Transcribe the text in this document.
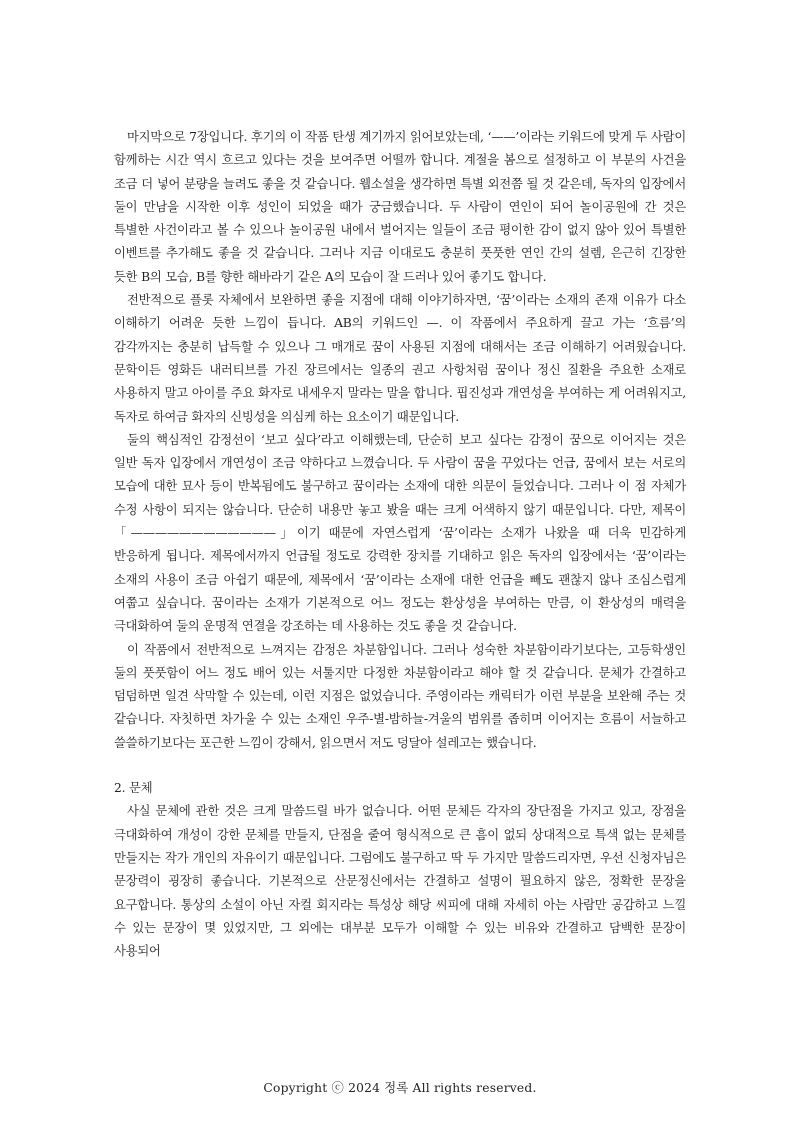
마지막으로 7장입니다. 후기의 이 작품 탄생 계기까지 읽어보았는데, ‘——’이라는 키워드에 맞게 두 사람이 함께하는 시간 역시 흐르고 있다는 것을 보여주면 어떨까 합니다. 계절을 봄으로 설정하고 이 부분의 사건을 조금 더 넣어 분량을 늘려도 좋을 것 같습니다. 웹소설을 생각하면 특별 외전쯤 될 것 같은데, 독자의 입장에서 둘이 만남을 시작한 이후 성인이 되었을 때가 궁금했습니다. 두 사람이 연인이 되어 놀이공원에 간 것은 특별한 사건이라고 볼 수 있으나 놀이공원 내에서 벌어지는 일들이 조금 평이한 감이 없지 않아 있어 특별한 이벤트를 추가해도 좋을 것 같습니다. 그러나 지금 이대로도 충분히 풋풋한 연인 간의 설렘, 은근히 긴장한 듯한 B의 모습, B를 향한 해바라기 같은 A의 모습이 잘 드러나 있어 좋기도 합니다.

전반적으로 플롯 자체에서 보완하면 좋을 지점에 대해 이야기하자면, ‘꿈’이라는 소재의 존재 이유가 다소 이해하기 어려운 듯한 느낌이 듭니다. AB의 키워드인 —. 이 작품에서 주요하게 끌고 가는 ‘흐름’의 감각까지는 충분히 납득할 수 있으나 그 매개로 꿈이 사용된 지점에 대해서는 조금 이해하기 어려웠습니다. 문학이든 영화든 내러티브를 가진 장르에서는 일종의 권고 사항처럼 꿈이나 정신 질환을 주요한 소재로 사용하지 말고 아이를 주요 화자로 내세우지 말라는 말을 합니다. 핍진성과 개연성을 부여하는 게 어려워지고, 독자로 하여금 화자의 신빙성을 의심케 하는 요소이기 때문입니다.

둘의 핵심적인 감정선이 ‘보고 싶다’라고 이해했는데, 단순히 보고 싶다는 감정이 꿈으로 이어지는 것은 일반 독자 입장에서 개연성이 조금 약하다고 느꼈습니다. 두 사람이 꿈을 꾸었다는 언급, 꿈에서 보는 서로의 모습에 대한 묘사 등이 반복됨에도 불구하고 꿈이라는 소재에 대한 의문이 들었습니다. 그러나 이 점 자체가 수정 사항이 되지는 않습니다. 단순히 내용만 놓고 봤을 때는 크게 어색하지 않기 때문입니다. 다만, 제목이 「————————————」이기 때문에 자연스럽게 ‘꿈’이라는 소재가 나왔을 때 더욱 민감하게 반응하게 됩니다. 제목에서까지 언급될 정도로 강력한 장치를 기대하고 읽은 독자의 입장에서는 ‘꿈’이라는 소재의 사용이 조금 아쉽기 때문에, 제목에서 ‘꿈’이라는 소재에 대한 언급을 빼도 괜찮지 않나 조심스럽게 여쭙고 싶습니다. 꿈이라는 소재가 기본적으로 어느 정도는 환상성을 부여하는 만큼, 이 환상성의 매력을 극대화하여 둘의 운명적 연결을 강조하는 데 사용하는 것도 좋을 것 같습니다.

이 작품에서 전반적으로 느껴지는 감정은 차분함입니다. 그러나 성숙한 차분함이라기보다는, 고등학생인 둘의 풋풋함이 어느 정도 배어 있는 서툴지만 다정한 차분함이라고 해야 할 것 같습니다. 문체가 간결하고 덤덤하면 일견 삭막할 수 있는데, 이런 지점은 없었습니다. 주영이라는 캐릭터가 이런 부분을 보완해 주는 것 같습니다. 자칫하면 차가울 수 있는 소재인 우주-별-밤하늘-겨울의 범위를 좁히며 이어지는 흐름이 서늘하고 쓸쓸하기보다는 포근한 느낌이 강해서, 읽으면서 저도 덩달아 설레고는 했습니다.

2. 문체

사실 문체에 관한 것은 크게 말씀드릴 바가 없습니다. 어떤 문체든 각자의 장단점을 가지고 있고, 장점을 극대화하여 개성이 강한 문체를 만들지, 단점을 줄여 형식적으로 큰 흠이 없되 상대적으로 특색 없는 문체를 만들지는 작가 개인의 자유이기 때문입니다. 그럼에도 불구하고 딱 두 가지만 말씀드리자면, 우선 신청자님은 문장력이 굉장히 좋습니다. 기본적으로 산문정신에서는 간결하고 설명이 필요하지 않은, 정확한 문장을 요구합니다. 통상의 소설이 아닌 자컬 회지라는 특성상 해당 씨피에 대해 자세히 아는 사람만 공감하고 느낄 수 있는 문장이 몇 있었지만, 그 외에는 대부분 모두가 이해할 수 있는 비유와 간결하고 담백한 문장이 사용되어

Copyright ⓒ 2024 정록 All rights reserved.
